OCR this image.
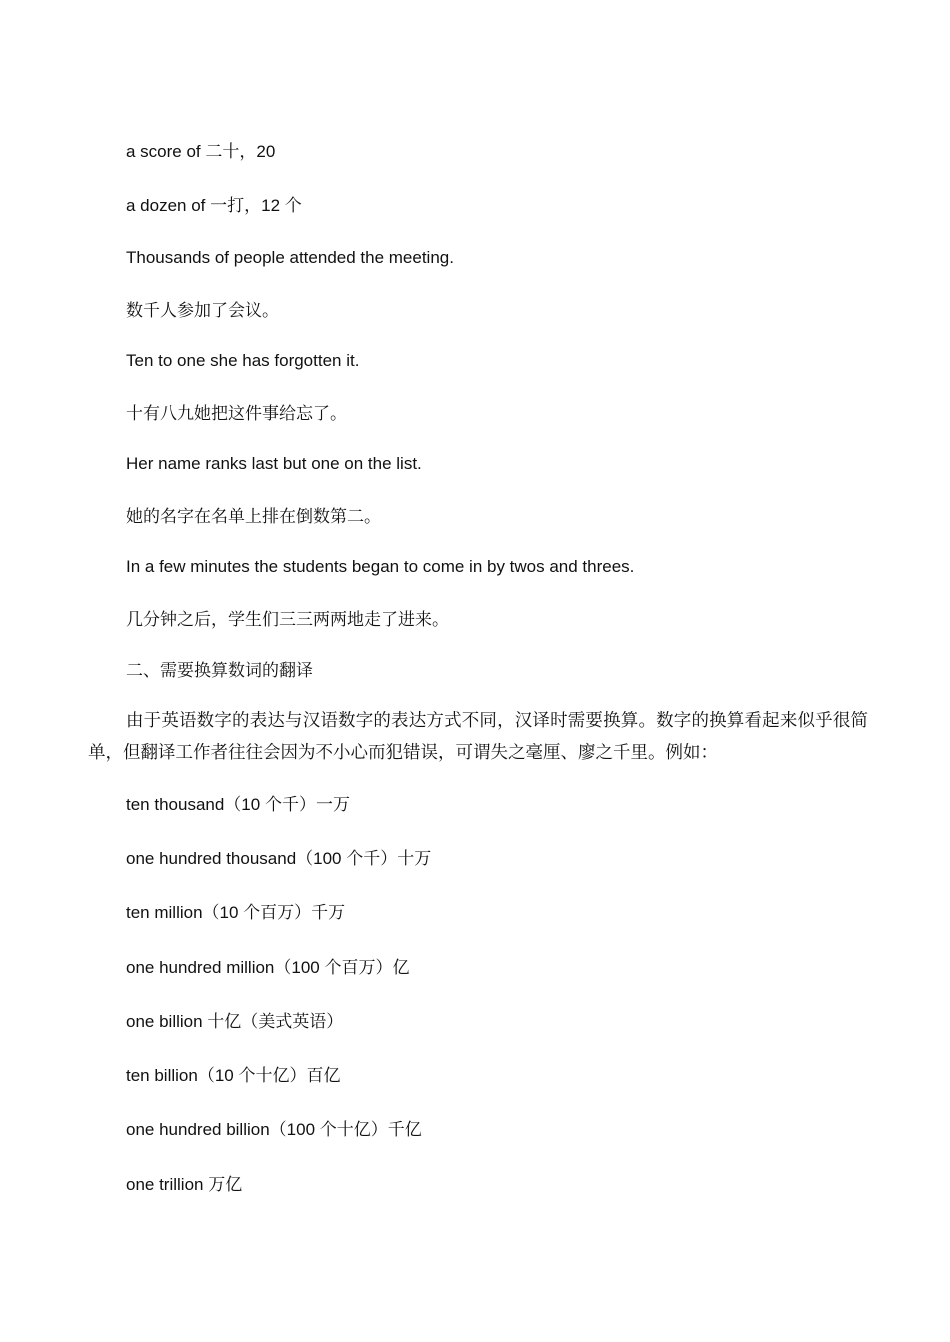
a score of 二十，20
a dozen of 一打，12 个
Thousands of people attended the meeting.
数千人参加了会议。
Ten to one she has forgotten it.
十有八九她把这件事给忘了。
Her name ranks last but one on the list.
她的名字在名单上排在倒数第二。
In a few minutes the students began to come in by twos and threes.
几分钟之后，学生们三三两两地走了进来。
二、需要换算数词的翻译
由于英语数字的表达与汉语数字的表达方式不同，汉译时需要换算。数字的换算看起来似乎很简单，但翻译工作者往往会因为不小心而犯错误，可谓失之毫厘、廖之千里。例如：
ten thousand（10 个千）一万
one hundred thousand（100 个千）十万
ten million（10 个百万）千万
one hundred million（100 个百万）亿
one billion 十亿（美式英语）
ten billion（10 个十亿）百亿
one hundred billion（100 个十亿）千亿
one trillion 万亿
